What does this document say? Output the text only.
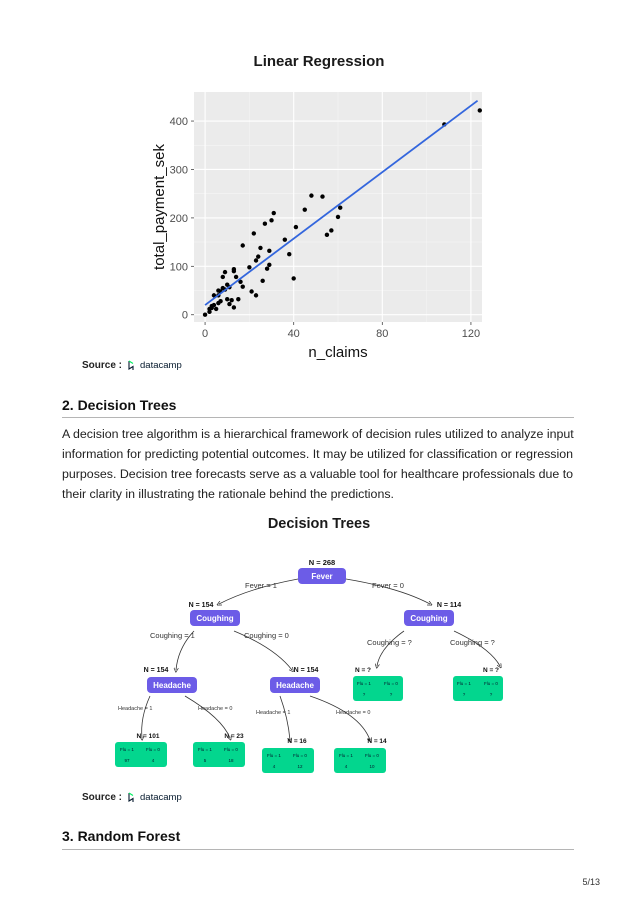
Linear Regression
0
100
200
300
400
0	40	80	120
n_claims
total_payment_sek
Source : datacamp
2. Decision Trees
A decision tree algorithm is a hierarchical framework of decision rules utilized to analyze input information for predicting potential outcomes. It may be utilized for classification or regression purposes. Decision tree forecasts serve as a valuable tool for healthcare professionals due to their clarity in illustrating the rationale behind the predictions.
Decision Trees
Fever = 1	Fever = 0
Coughing = 1	Coughing = 0
Coughing = ?	Coughing = ?
Headache = 1	Headache = 0
Headache = 1	Headache = 0
N = 268
Fever
N = 154
Coughing
N = 114
Coughing
N = 154
Headache
N = 154
Headache
N = ?
Flu = 1	Flu = 0
?	?
N = ?
Flu = 1	Flu = 0
?	?
N = 101
Flu = 1	Flu = 0
97	4
N = 23
Flu = 1	Flu = 0
5	18
N = 16
Flu = 1	Flu = 0
4	12
N = 14
Flu = 1	Flu = 0
4	10
Source : datacamp
3. Random Forest
5/13
